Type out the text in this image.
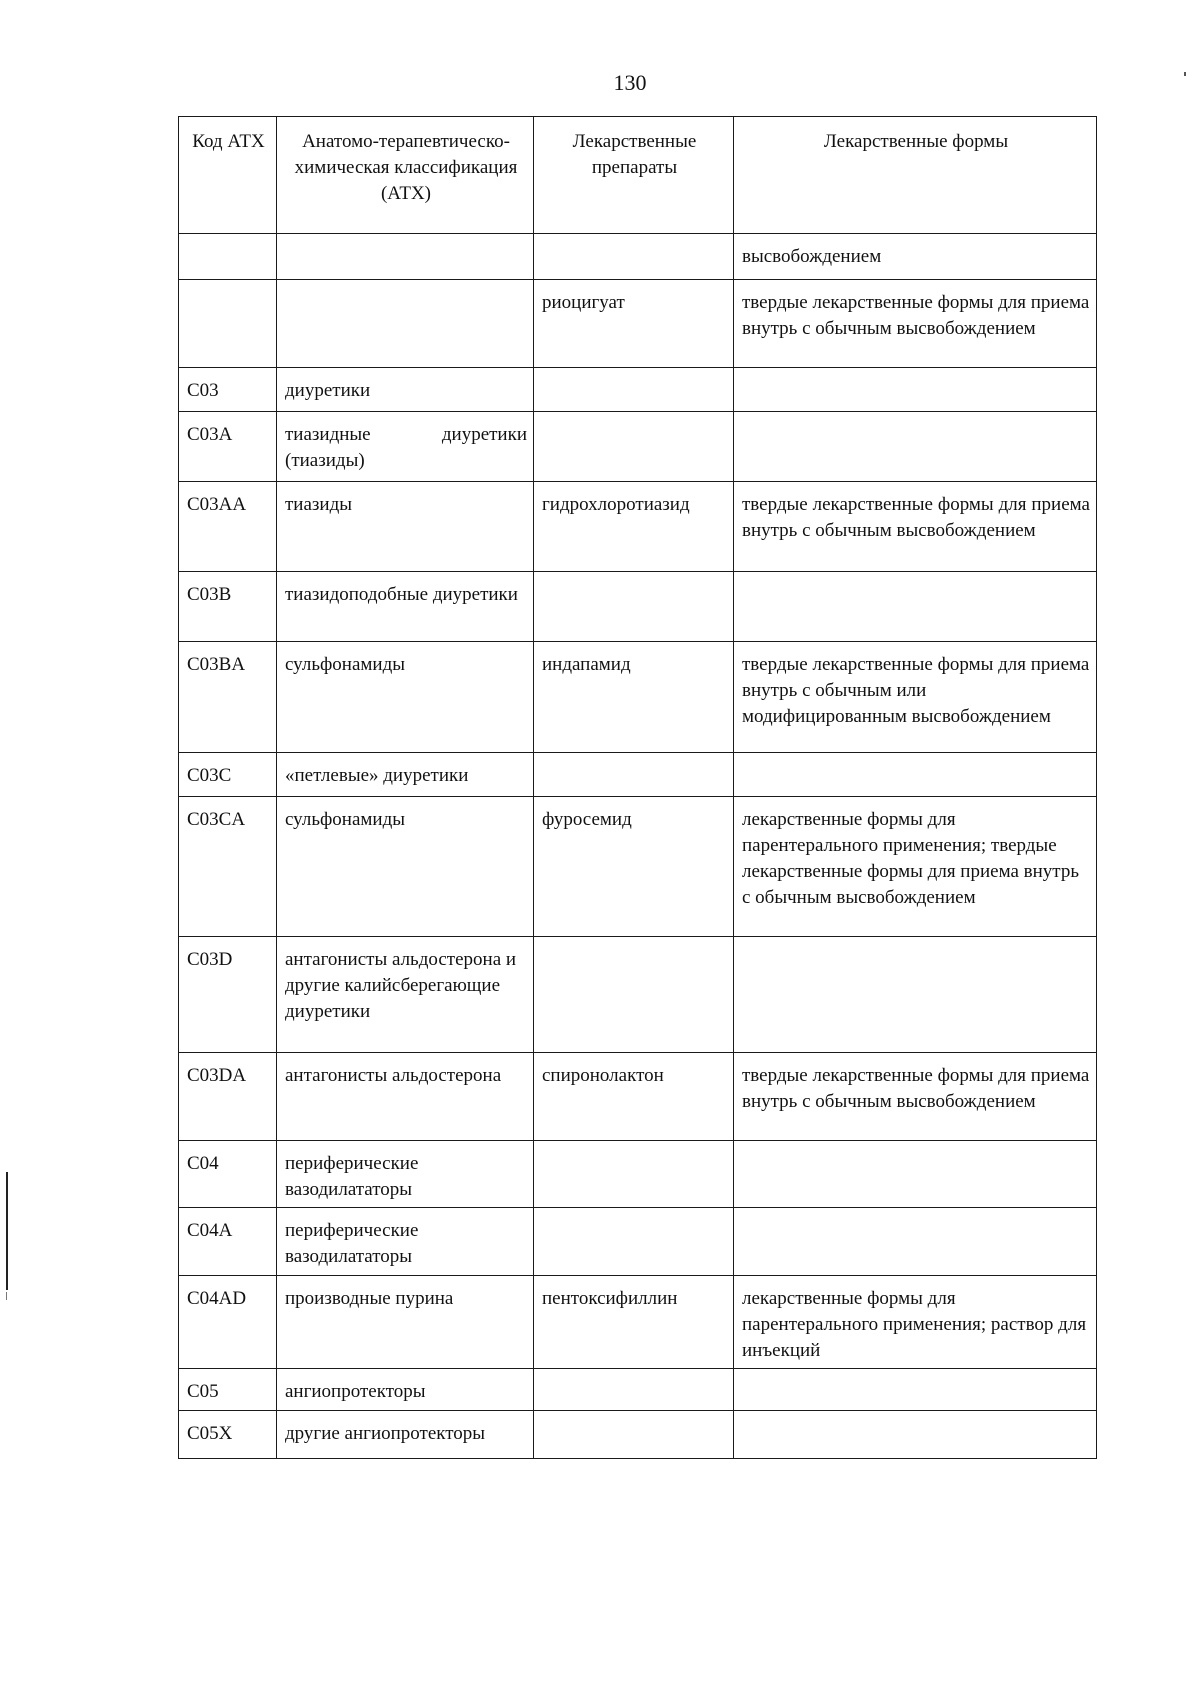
130
Код АТХ	Анатомо-терапевтическо-химическая классификация (АТХ)	Лекарственные препараты	Лекарственные формы
			высвобождением
		риоцигуат	твердые лекарственные формы для приема внутрь с обычным высвобождением
C03	диуретики		
C03A	тиазидные диуретики (тиазиды)		
C03AA	тиазиды	гидрохлоротиазид	твердые лекарственные формы для приема внутрь с обычным высвобождением
C03B	тиазидоподобные диуретики		
C03BA	сульфонамиды	индапамид	твердые лекарственные формы для приема внутрь с обычным или модифицированным высвобождением
C03C	«петлевые» диуретики		
C03CA	сульфонамиды	фуросемид	лекарственные формы для парентерального применения; твердые лекарственные формы для приема внутрь с обычным высвобождением
C03D	антагонисты альдостерона и другие калийсберегающие диуретики		
C03DA	антагонисты альдостерона	спиронолактон	твердые лекарственные формы для приема внутрь с обычным высвобождением
C04	периферические вазодилататоры		
C04A	периферические вазодилататоры		
C04AD	производные пурина	пентоксифиллин	лекарственные формы для парентерального применения; раствор для инъекций
C05	ангиопротекторы		
C05X	другие ангиопротекторы		
